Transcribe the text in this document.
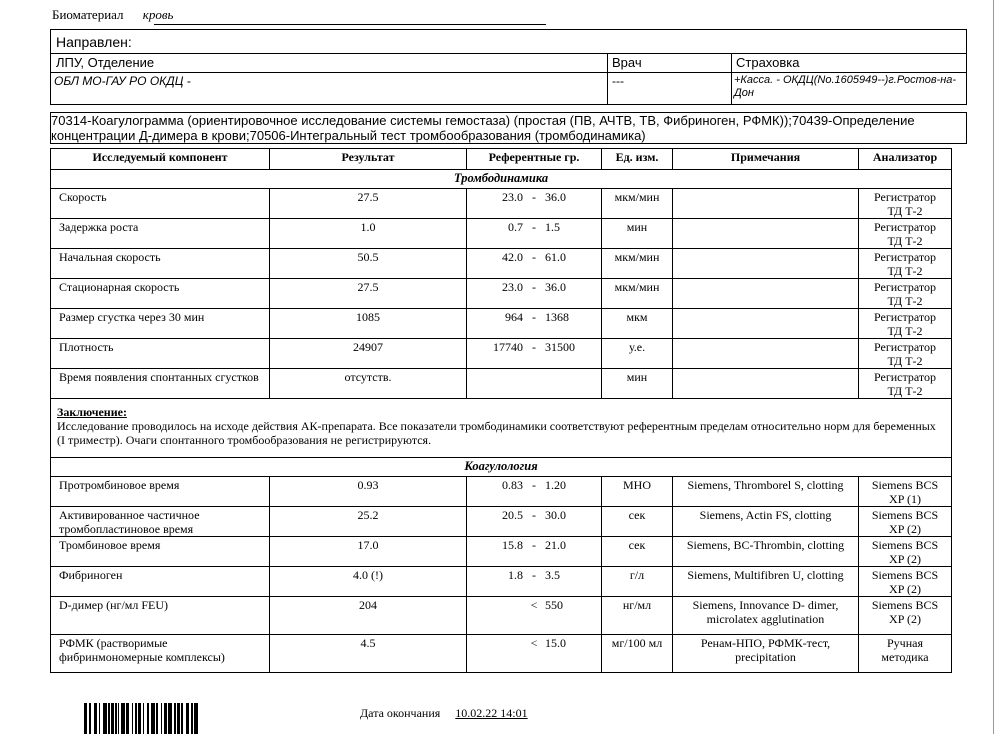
Биоматериал кровь
Направлен:
ЛПУ, Отделение	Врач	Страховка
ОБЛ МО-ГАУ РО ОКДЦ -	---	+Касса. - ОКДЦ(No.1605949--)г.Ростов-на-
Дон
70314-Коагулограмма (ориентировочное исследование системы гемостаза) (простая (ПВ, АЧТВ, ТВ, Фибриноген, РФМК));70439-Определение
концентрации Д-димера в крови;70506-Интегральный тест тромбообразования (тромбодинамика)
Исследуемый компонент	Результат	Референтные гр.	Ед. изм.	Примечания	Анализатор
Тромбодинамика					
Скорость	27.5	23.0 - 36.0	мкм/мин		Регистратор
ТД Т-2
Задержка роста	1.0	0.7 - 1.5	мин		Регистратор
ТД Т-2
Начальная скорость	50.5	42.0 - 61.0	мкм/мин		Регистратор
ТД Т-2
Стационарная скорость	27.5	23.0 - 36.0	мкм/мин		Регистратор
ТД Т-2
Размер сгустка через 30 мин	1085	964 - 1368	мкм		Регистратор
ТД Т-2
Плотность	24907	17740 - 31500	у.е.		Регистратор
ТД Т-2
Время появления спонтанных сгустков	отсутств.		мин		Регистратор
ТД Т-2

Заключение:
Исследование проводилось на исходе действия АК-препарата. Все показатели тромбодинамики соответствуют референтным пределам относительно норм для беременных (I триместр). Очаги спонтанного тромбообразования не регистрируются.					
Коагулология					
Протромбиновое время	0.93	0.83 - 1.20	МНО	Siemens, Thromborel S, clotting	Siemens BCS
XP (1)
Активированное частичное тромбопластиновое время	25.2	20.5 - 30.0	сек	Siemens, Actin FS, clotting	Siemens BCS
XP (2)
Тромбиновое время	17.0	15.8 - 21.0	сек	Siemens, BC-Thrombin, clotting	Siemens BCS
XP (2)
Фибриноген	4.0 (!)	1.8 - 3.5	г/л	Siemens, Multifibren U, clotting	Siemens BCS
XP (2)
D-димер (нг/мл FEU)	204	< 550	нг/мл	Siemens, Innovance D- dimer, microlatex agglutination	Siemens BCS
XP (2)
РФМК (растворимые фибринмономерные комплексы)	4.5	< 15.0	мг/100 мл	Ренам-НПО, РФМК-тест, precipitation	Ручная
методика
Дата окончания 10.02.22 14:01
